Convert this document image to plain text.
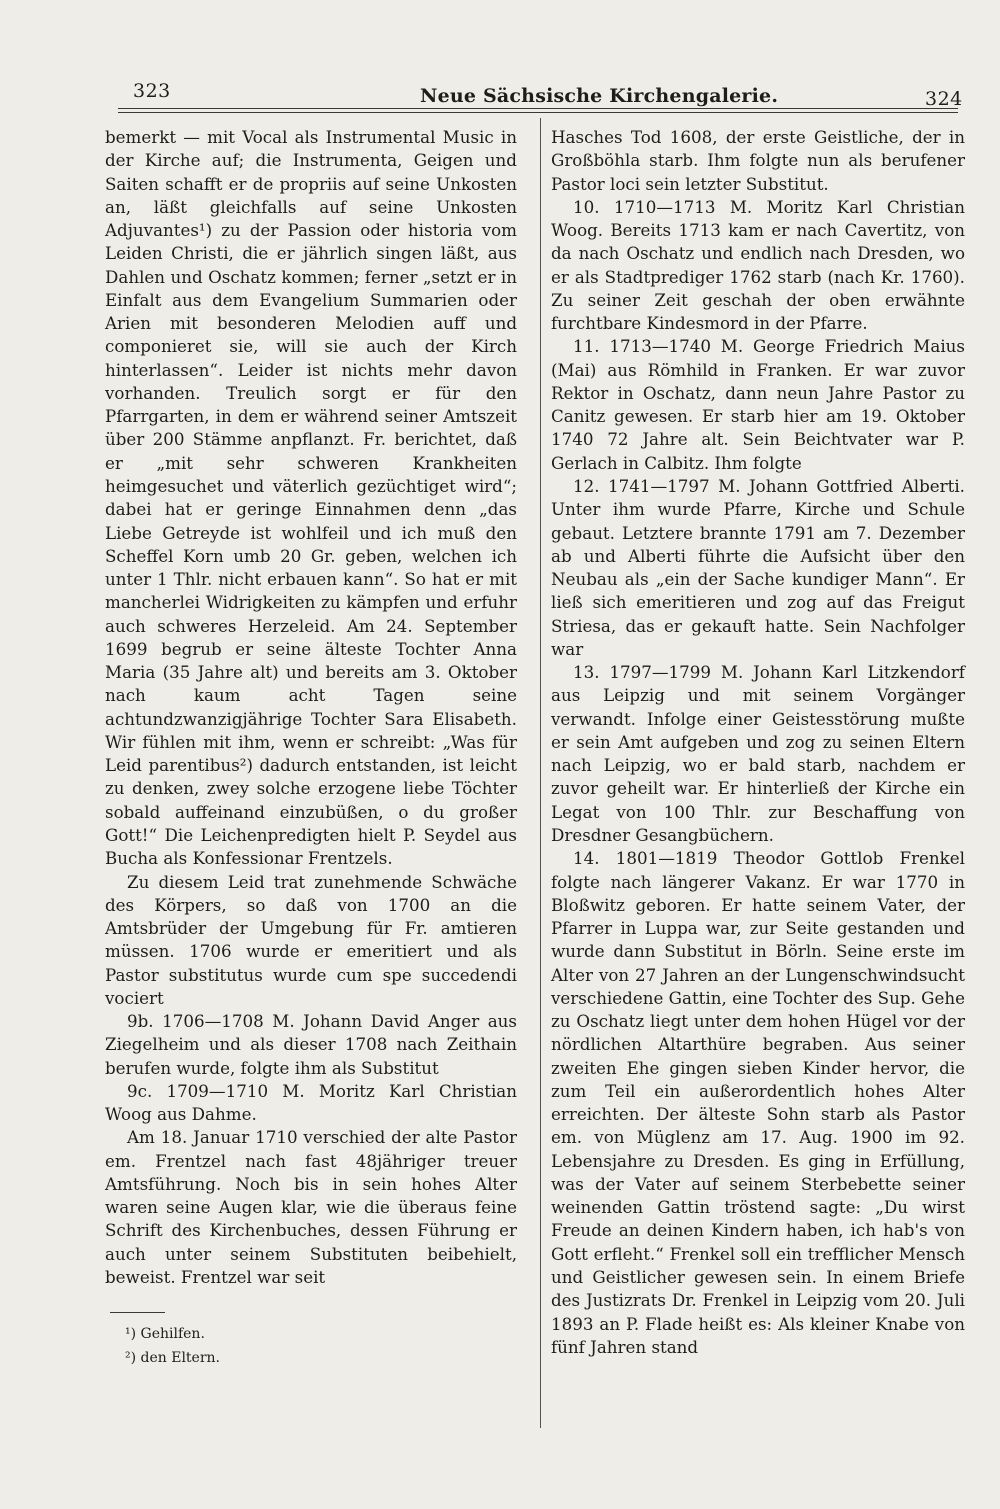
323	Neue Sächsische Kirchengalerie.	324

bemerkt — mit Vocal als Instrumental Music in der Kirche auf; die Instrumenta, Geigen und Saiten schafft er de propriis auf seine Unkosten an, läßt gleichfalls auf seine Unkosten Adjuvantes¹) zu der Passion oder historia vom Leiden Christi, die er jährlich singen läßt, aus Dahlen und Oschatz kommen; ferner „setzt er in Einfalt aus dem Evangelium Summarien oder Arien mit besonderen Melodien auff und componieret sie, will sie auch der Kirch hinterlassen“. Leider ist nichts mehr davon vorhanden. Treulich sorgt er für den Pfarrgarten, in dem er während seiner Amtszeit über 200 Stämme anpflanzt. Fr. berichtet, daß er „mit sehr schweren Krankheiten heimgesuchet und väterlich gezüchtiget wird“; dabei hat er geringe Einnahmen denn „das Liebe Getreyde ist wohlfeil und ich muß den Scheffel Korn umb 20 Gr. geben, welchen ich unter 1 Thlr. nicht erbauen kann“. So hat er mit mancherlei Widrigkeiten zu kämpfen und erfuhr auch schweres Herzeleid. Am 24. September 1699 begrub er seine älteste Tochter Anna Maria (35 Jahre alt) und bereits am 3. Oktober nach kaum acht Tagen seine achtundzwanzigjährige Tochter Sara Elisabeth. Wir fühlen mit ihm, wenn er schreibt: „Was für Leid parentibus²) dadurch entstanden, ist leicht zu denken, zwey solche erzogene liebe Töchter sobald auffeinand einzubüßen, o du großer Gott!“ Die Leichenpredigten hielt P. Seydel aus Bucha als Konfessionar Frentzels.

Zu diesem Leid trat zunehmende Schwäche des Körpers, so daß von 1700 an die Amtsbrüder der Umgebung für Fr. amtieren müssen. 1706 wurde er emeritiert und als Pastor substitutus wurde cum spe succedendi vociert

9b. 1706—1708 M. Johann David Anger aus Ziegelheim und als dieser 1708 nach Zeithain berufen wurde, folgte ihm als Substitut

9c. 1709—1710 M. Moritz Karl Christian Woog aus Dahme.

Am 18. Januar 1710 verschied der alte Pastor em. Frentzel nach fast 48jähriger treuer Amtsführung. Noch bis in sein hohes Alter waren seine Augen klar, wie die überaus feine Schrift des Kirchenbuches, dessen Führung er auch unter seinem Substituten beibehielt, beweist. Frentzel war seit

¹) Gehilfen.
²) den Eltern.

Hasches Tod 1608, der erste Geistliche, der in Großböhla starb. Ihm folgte nun als berufener Pastor loci sein letzter Substitut.

10. 1710—1713 M. Moritz Karl Christian Woog. Bereits 1713 kam er nach Cavertitz, von da nach Oschatz und endlich nach Dresden, wo er als Stadtprediger 1762 starb (nach Kr. 1760). Zu seiner Zeit geschah der oben erwähnte furchtbare Kindesmord in der Pfarre.

11. 1713—1740 M. George Friedrich Maius (Mai) aus Römhild in Franken. Er war zuvor Rektor in Oschatz, dann neun Jahre Pastor zu Canitz gewesen. Er starb hier am 19. Oktober 1740 72 Jahre alt. Sein Beichtvater war P. Gerlach in Calbitz. Ihm folgte

12. 1741—1797 M. Johann Gottfried Alberti. Unter ihm wurde Pfarre, Kirche und Schule gebaut. Letztere brannte 1791 am 7. Dezember ab und Alberti führte die Aufsicht über den Neubau als „ein der Sache kundiger Mann“. Er ließ sich emeritieren und zog auf das Freigut Striesa, das er gekauft hatte. Sein Nachfolger war

13. 1797—1799 M. Johann Karl Litzkendorf aus Leipzig und mit seinem Vorgänger verwandt. Infolge einer Geistesstörung mußte er sein Amt aufgeben und zog zu seinen Eltern nach Leipzig, wo er bald starb, nachdem er zuvor geheilt war. Er hinterließ der Kirche ein Legat von 100 Thlr. zur Beschaffung von Dresdner Gesangbüchern.

14. 1801—1819 Theodor Gottlob Frenkel folgte nach längerer Vakanz. Er war 1770 in Bloßwitz geboren. Er hatte seinem Vater, der Pfarrer in Luppa war, zur Seite gestanden und wurde dann Substitut in Börln. Seine erste im Alter von 27 Jahren an der Lungenschwindsucht verschiedene Gattin, eine Tochter des Sup. Gehe zu Oschatz liegt unter dem hohen Hügel vor der nördlichen Altarthüre begraben. Aus seiner zweiten Ehe gingen sieben Kinder hervor, die zum Teil ein außerordentlich hohes Alter erreichten. Der älteste Sohn starb als Pastor em. von Müglenz am 17. Aug. 1900 im 92. Lebensjahre zu Dresden. Es ging in Erfüllung, was der Vater auf seinem Sterbebette seiner weinenden Gattin tröstend sagte: „Du wirst Freude an deinen Kindern haben, ich hab's von Gott erfleht.“ Frenkel soll ein trefflicher Mensch und Geistlicher gewesen sein. In einem Briefe des Justizrats Dr. Frenkel in Leipzig vom 20. Juli 1893 an P. Flade heißt es: Als kleiner Knabe von fünf Jahren stand
